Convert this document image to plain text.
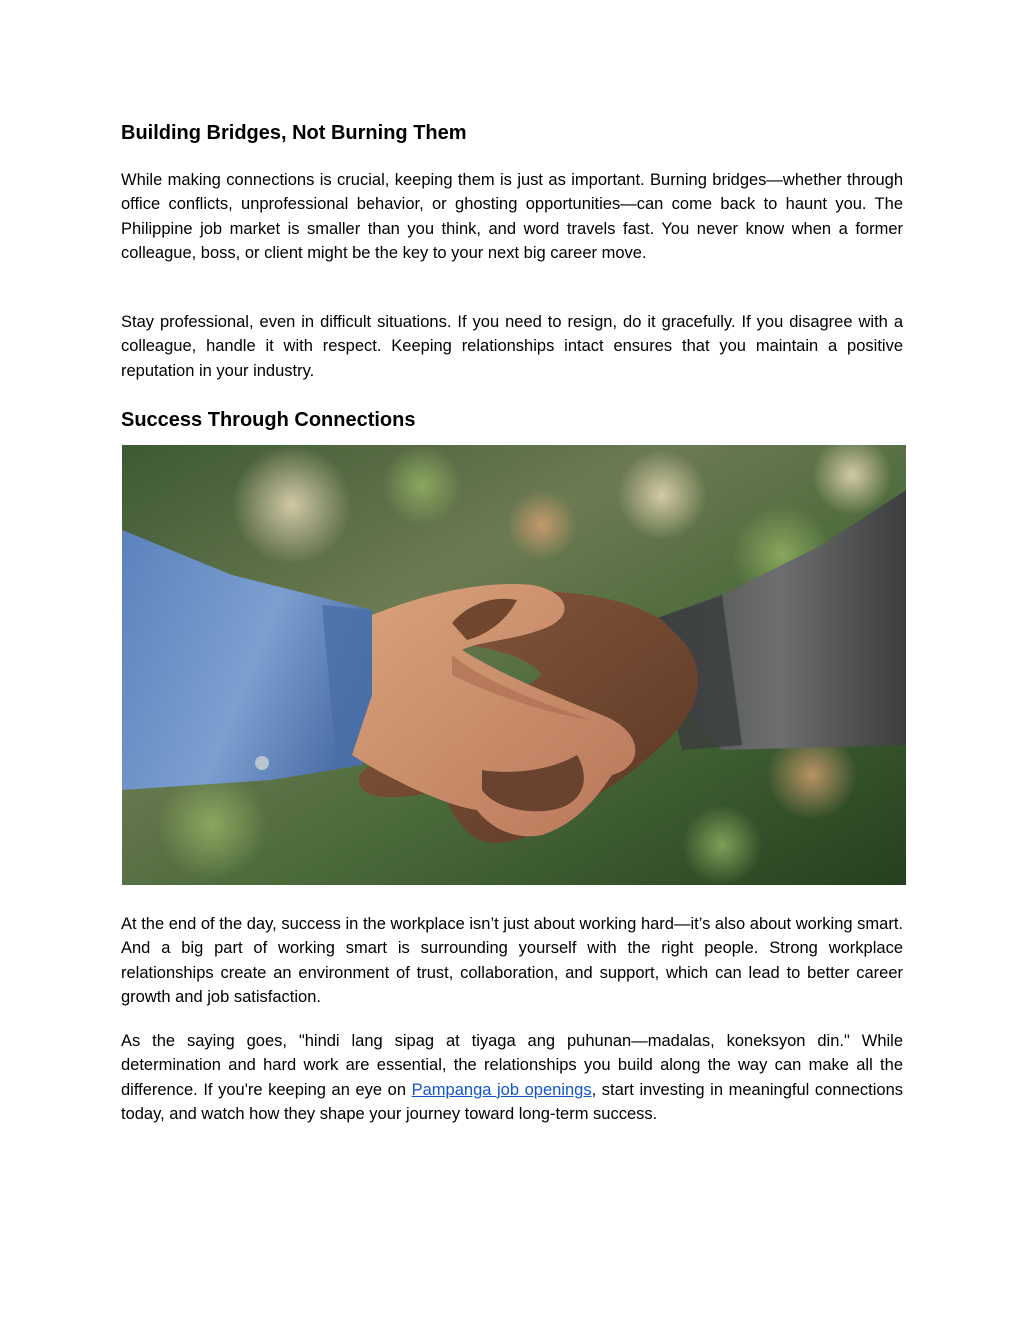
Building Bridges, Not Burning Them

While making connections is crucial, keeping them is just as important. Burning bridges—whether through office conflicts, unprofessional behavior, or ghosting opportunities—can come back to haunt you. The Philippine job market is smaller than you think, and word travels fast. You never know when a former colleague, boss, or client might be the key to your next big career move.

Stay professional, even in difficult situations. If you need to resign, do it gracefully. If you disagree with a colleague, handle it with respect. Keeping relationships intact ensures that you maintain a positive reputation in your industry.

Success Through Connections

At the end of the day, success in the workplace isn’t just about working hard—it’s also about working smart. And a big part of working smart is surrounding yourself with the right people. Strong workplace relationships create an environment of trust, collaboration, and support, which can lead to better career growth and job satisfaction.

As the saying goes, "hindi lang sipag at tiyaga ang puhunan—madalas, koneksyon din." While determination and hard work are essential, the relationships you build along the way can make all the difference. If you're keeping an eye on Pampanga job openings, start investing in meaningful connections today, and watch how they shape your journey toward long-term success.
